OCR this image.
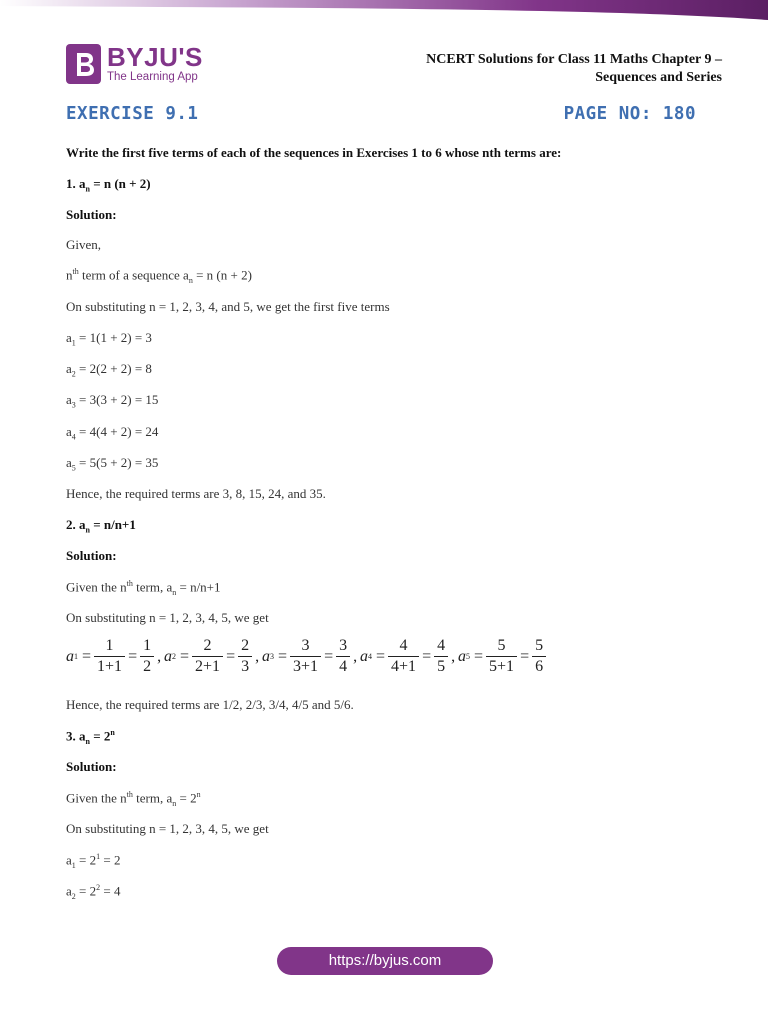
BYJU'S
The Learning App
NCERT Solutions for Class 11 Maths Chapter 9 –
Sequences and Series
EXERCISE 9.1	PAGE NO: 180
Write the first five terms of each of the sequences in Exercises 1 to 6 whose nth terms are:
1. $a_n = n$ (n + 2)
Solution:
Given,
$n^{th}$ term of a sequence $a_n = n$ (n + 2)
On substituting n = 1, 2, 3, 4, and 5, we get the first five terms
$a_1 = 1(1 + 2) = 3$
$a_2 = 2(2 + 2) = 8$
$a_3 = 3(3 + 2) = 15$
$a_4 = 4(4 + 2) = 24$
$a_5 = 5(5 + 2) = 35$
Hence, the required terms are 3, 8, 15, 24, and 35.
2. $a_n = n/n+1$
Solution:
Given the $n^{th}$ term, $a_n = n/n+1$
On substituting n = 1, 2, 3, 4, 5, we get
a $1 = \frac{1}{1+1} = \frac{1}{2}$ , a $2 = \frac{2}{2+1} = \frac{2}{3}$ , a $3 = \frac{3}{3+1} = \frac{3}{4}$ , a $4 = \frac{4}{4+1} = \frac{4}{5}$ , a $5 = \frac{5}{5+1} = \frac{5}{6}$
Hence, the required terms are 1/2, 2/3, 3/4, 4/5 and 5/6.
3. $a_n = 2^n$
Solution:
Given the $n^{th}$ term, $a_n = 2^n$
On substituting n = 1, 2, 3, 4, 5, we get
$a_1 = 2^1 = 2$
$a_2 = 2^2 = 4$
https://byjus.com
